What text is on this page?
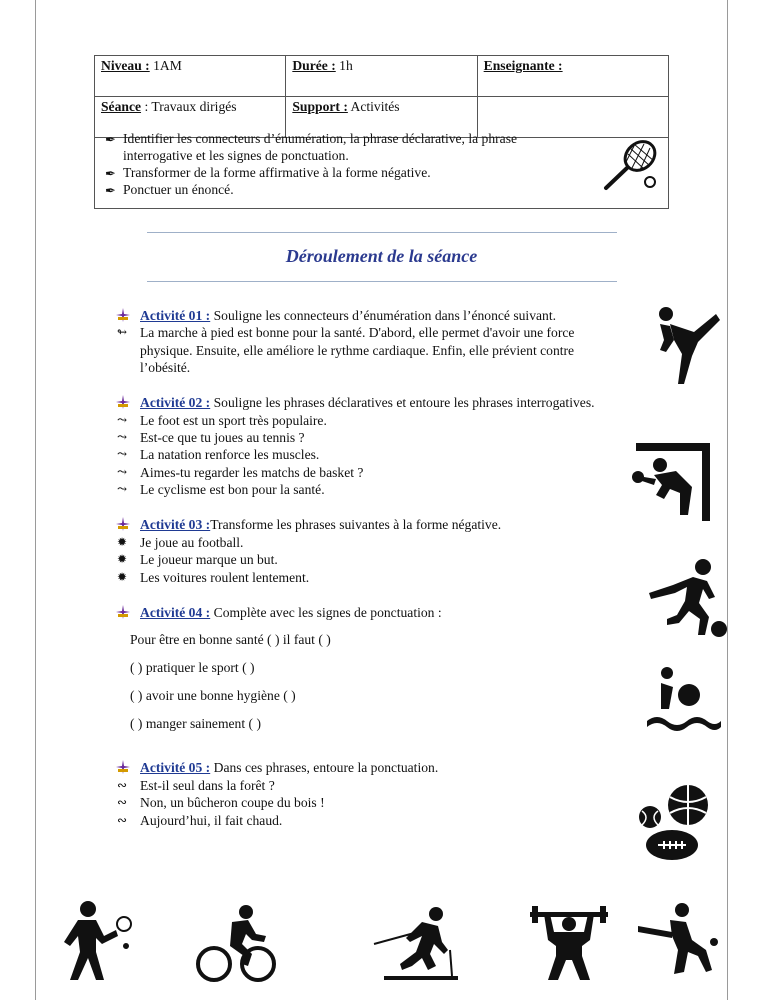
Niveau : 1AM	Durée : 1h	Enseignante :
Séance : Travaux dirigés	Support : Activités	
✒ Identifier les connecteurs d’énumération, la phrase déclarative, la phrase
interrogative et les signes de ponctuation.
✒ Transformer de la forme affirmative à la forme négative.
✒ Ponctuer un énoncé.
Déroulement de la séance
Activité 01 : Souligne les connecteurs d’énumération dans l’énoncé suivant.
↬ La marche à pied est bonne pour la santé. D'abord, elle permet d'avoir une force
physique. Ensuite, elle améliore le rythme cardiaque. Enfin, elle prévient contre
l’obésité.
Activité 02 : Souligne les phrases déclaratives et entoure les phrases interrogatives.
⤳ Le foot est un sport très populaire.
⤳ Est-ce que tu joues au tennis ?
⤳ La natation renforce les muscles.
⤳ Aimes-tu regarder les matchs de basket ?
⤳ Le cyclisme est bon pour la santé.
Activité 03 :Transforme les phrases suivantes à la forme négative.
✹ Je joue au football.
✹ Le joueur marque un but.
✹ Les voitures roulent lentement.
Activité 04 : Complète avec les signes de ponctuation :
Pour être en bonne santé ( ) il faut ( )
( ) pratiquer le sport ( )
( ) avoir une bonne hygiène ( )
( ) manger sainement ( )
Activité 05 : Dans ces phrases, entoure la ponctuation.
∾ Est-il seul dans la forêt ?
∾ Non, un bûcheron coupe du bois !
∾ Aujourd’hui, il fait chaud.
